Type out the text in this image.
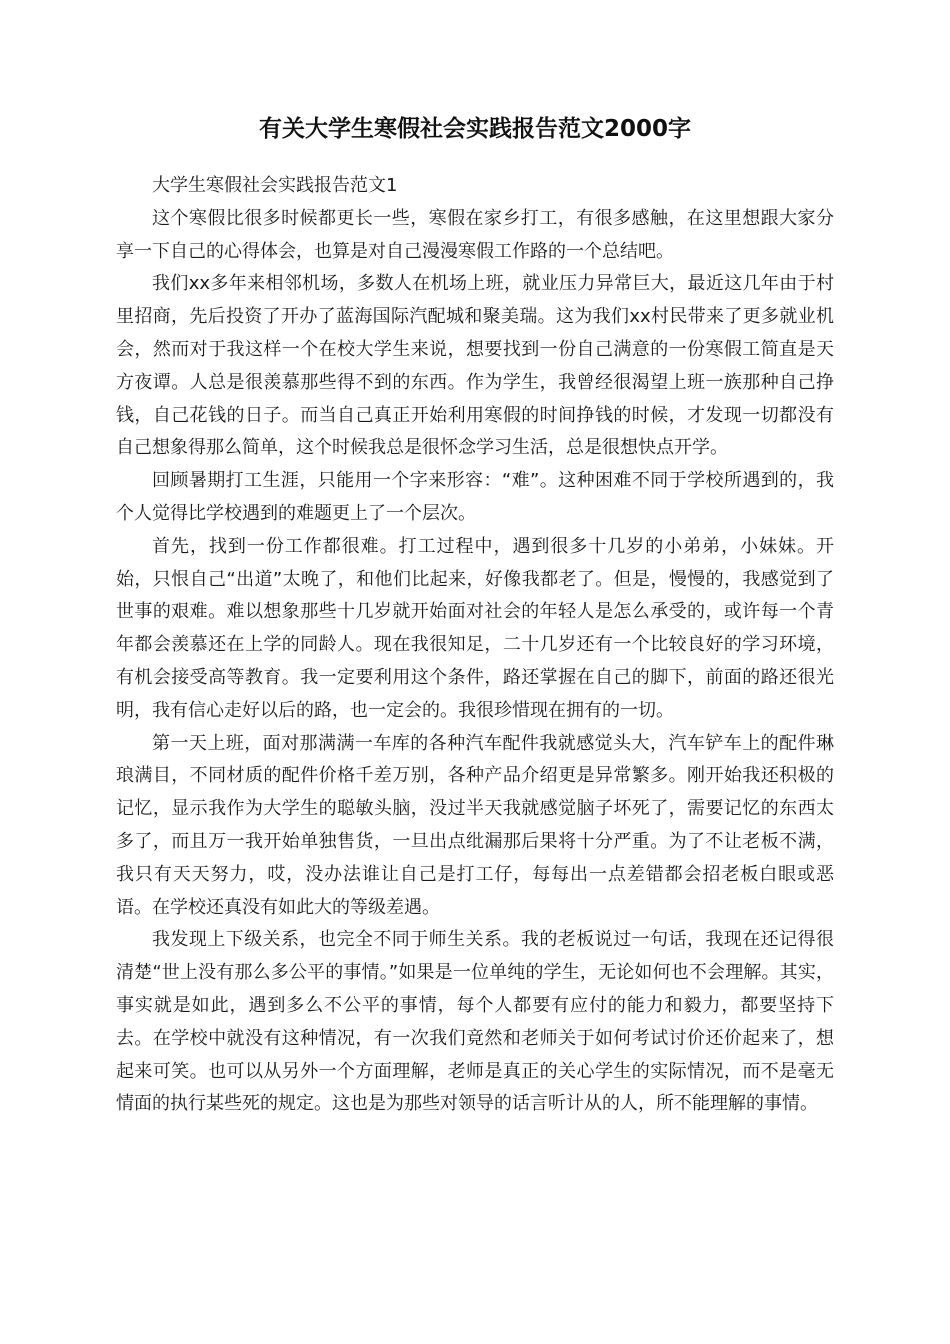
有关大学生寒假社会实践报告范文2000字

大学生寒假社会实践报告范文1

这个寒假比很多时候都更长一些，寒假在家乡打工，有很多感触，在这里想跟大家分享一下自己的心得体会，也算是对自己漫漫寒假工作路的一个总结吧。

我们xx多年来相邻机场，多数人在机场上班，就业压力异常巨大，最近这几年由于村里招商，先后投资了开办了蓝海国际汽配城和聚美瑞。这为我们xx村民带来了更多就业机会，然而对于我这样一个在校大学生来说，想要找到一份自己满意的一份寒假工简直是天方夜谭。人总是很羡慕那些得不到的东西。作为学生，我曾经很渴望上班一族那种自己挣钱，自己花钱的日子。而当自己真正开始利用寒假的时间挣钱的时候，才发现一切都没有自己想象得那么简单，这个时候我总是很怀念学习生活，总是很想快点开学。

回顾暑期打工生涯，只能用一个字来形容：“难”。这种困难不同于学校所遇到的，我个人觉得比学校遇到的难题更上了一个层次。

首先，找到一份工作都很难。打工过程中，遇到很多十几岁的小弟弟，小妹妹。开始，只恨自己“出道”太晚了，和他们比起来，好像我都老了。但是，慢慢的，我感觉到了世事的艰难。难以想象那些十几岁就开始面对社会的年轻人是怎么承受的，或许每一个青年都会羡慕还在上学的同龄人。现在我很知足，二十几岁还有一个比较良好的学习环境，有机会接受高等教育。我一定要利用这个条件，路还掌握在自己的脚下，前面的路还很光明，我有信心走好以后的路，也一定会的。我很珍惜现在拥有的一切。

第一天上班，面对那满满一车库的各种汽车配件我就感觉头大，汽车铲车上的配件琳琅满目，不同材质的配件价格千差万别，各种产品介绍更是异常繁多。刚开始我还积极的记忆，显示我作为大学生的聪敏头脑，没过半天我就感觉脑子坏死了，需要记忆的东西太多了，而且万一我开始单独售货，一旦出点纰漏那后果将十分严重。为了不让老板不满，我只有天天努力，哎，没办法谁让自己是打工仔，每每出一点差错都会招老板白眼或恶语。在学校还真没有如此大的等级差遇。

我发现上下级关系，也完全不同于师生关系。我的老板说过一句话，我现在还记得很清楚“世上没有那么多公平的事情。”如果是一位单纯的学生，无论如何也不会理解。其实，事实就是如此，遇到多么不公平的事情，每个人都要有应付的能力和毅力，都要坚持下去。在学校中就没有这种情况，有一次我们竟然和老师关于如何考试讨价还价起来了，想起来可笑。也可以从另外一个方面理解，老师是真正的关心学生的实际情况，而不是毫无情面的执行某些死的规定。这也是为那些对领导的话言听计从的人，所不能理解的事情。
